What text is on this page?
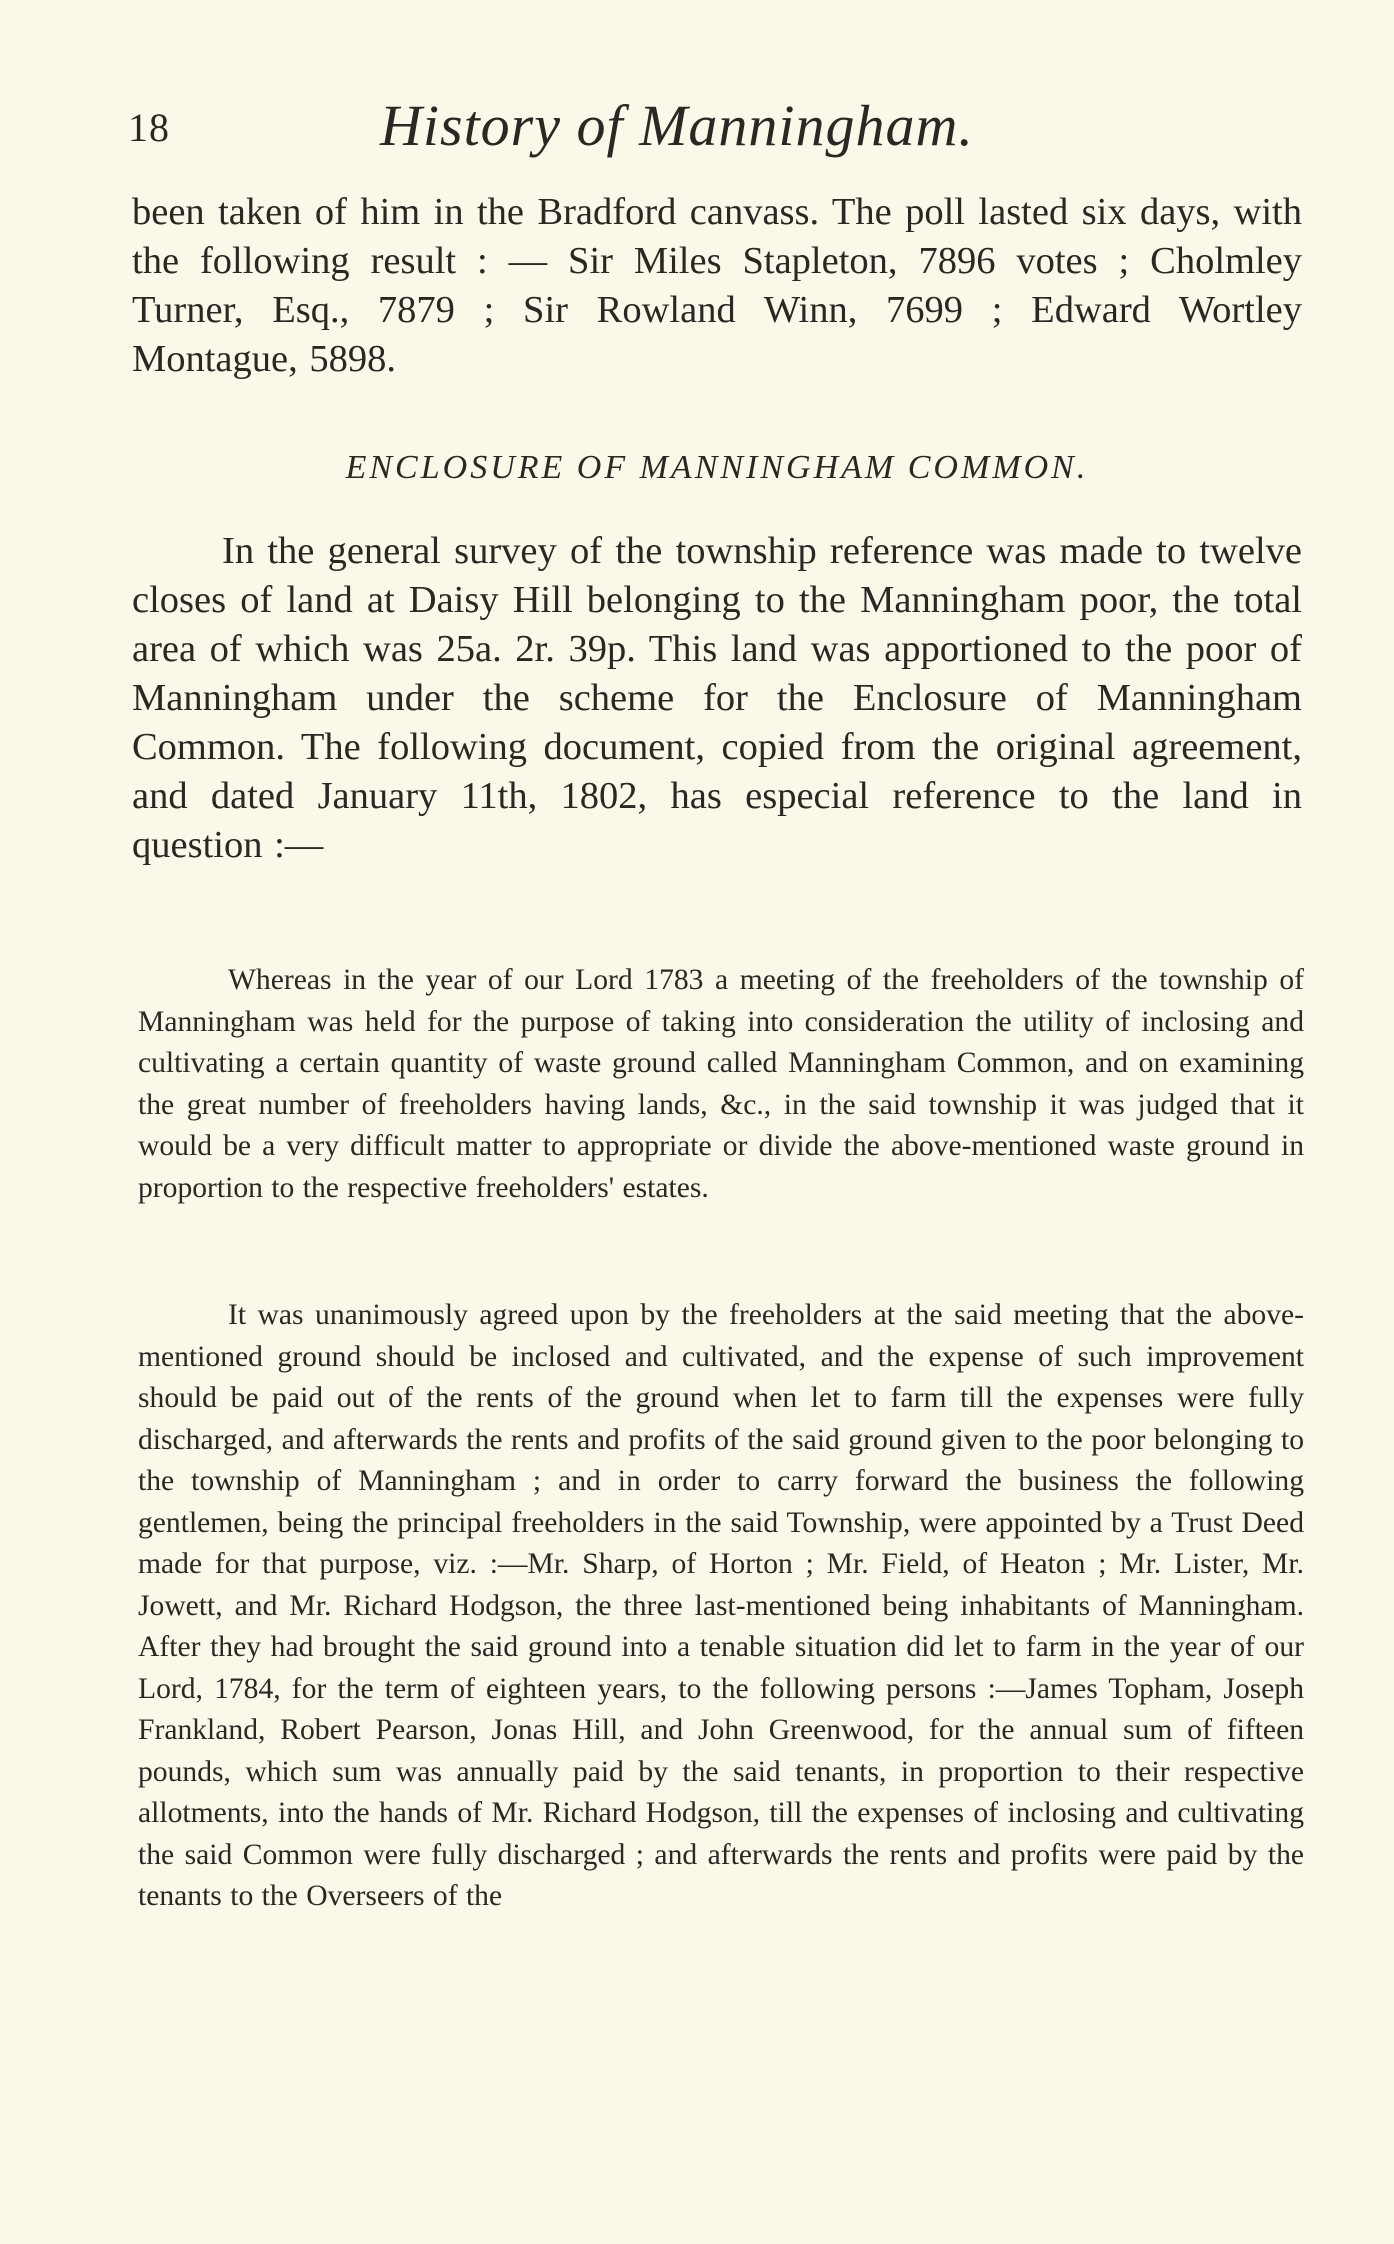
18	History of Manningham.

been taken of him in the Bradford canvass. The poll lasted six days, with the following result : — Sir Miles Stapleton, 7896 votes ; Cholmley Turner, Esq., 7879 ; Sir Rowland Winn, 7699 ; Edward Wortley Montague, 5898.

ENCLOSURE OF MANNINGHAM COMMON.

In the general survey of the township reference was made to twelve closes of land at Daisy Hill belonging to the Manningham poor, the total area of which was 25a. 2r. 39p. This land was apportioned to the poor of Manningham under the scheme for the Enclosure of Manningham Common. The following document, copied from the original agreement, and dated January 11th, 1802, has especial reference to the land in question :—

Whereas in the year of our Lord 1783 a meeting of the freeholders of the township of Manningham was held for the purpose of taking into consideration the utility of inclosing and cultivating a certain quantity of waste ground called Manningham Common, and on examining the great number of freeholders having lands, &c., in the said township it was judged that it would be a very difficult matter to appropriate or divide the above-mentioned waste ground in proportion to the respective freeholders' estates.

It was unanimously agreed upon by the freeholders at the said meeting that the above-mentioned ground should be inclosed and cultivated, and the expense of such improvement should be paid out of the rents of the ground when let to farm till the expenses were fully discharged, and afterwards the rents and profits of the said ground given to the poor belonging to the township of Manningham ; and in order to carry forward the business the following gentlemen, being the principal freeholders in the said Township, were appointed by a Trust Deed made for that purpose, viz. :—Mr. Sharp, of Horton ; Mr. Field, of Heaton ; Mr. Lister, Mr. Jowett, and Mr. Richard Hodgson, the three last-mentioned being inhabitants of Manningham. After they had brought the said ground into a tenable situation did let to farm in the year of our Lord, 1784, for the term of eighteen years, to the following persons :—James Topham, Joseph Frankland, Robert Pearson, Jonas Hill, and John Greenwood, for the annual sum of fifteen pounds, which sum was annually paid by the said tenants, in proportion to their respective allotments, into the hands of Mr. Richard Hodgson, till the expenses of inclosing and cultivating the said Common were fully discharged ; and afterwards the rents and profits were paid by the tenants to the Overseers of the
